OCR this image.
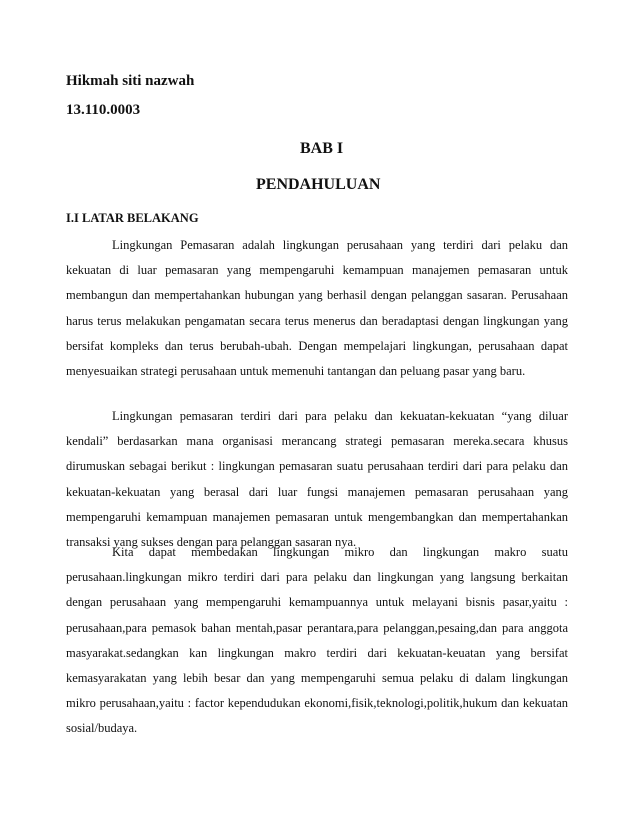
Hikmah siti nazwah

13.110.0003

BAB I

PENDAHULUAN

I.I LATAR BELAKANG

Lingkungan Pemasaran adalah lingkungan perusahaan yang terdiri dari pelaku dan kekuatan di luar pemasaran yang mempengaruhi kemampuan manajemen pemasaran untuk membangun dan mempertahankan hubungan yang berhasil dengan pelanggan sasaran. Perusahaan harus terus melakukan pengamatan secara terus menerus dan beradaptasi dengan lingkungan yang bersifat kompleks dan terus berubah-ubah. Dengan mempelajari lingkungan, perusahaan dapat menyesuaikan strategi perusahaan untuk memenuhi tantangan dan peluang pasar yang baru.

Lingkungan pemasaran terdiri dari para pelaku dan kekuatan-kekuatan “yang diluar kendali” berdasarkan mana organisasi merancang strategi pemasaran mereka.secara khusus dirumuskan sebagai berikut : lingkungan pemasaran suatu perusahaan terdiri dari para pelaku dan kekuatan-kekuatan yang berasal dari luar fungsi manajemen pemasaran perusahaan yang mempengaruhi kemampuan manajemen pemasaran untuk mengembangkan dan mempertahankan transaksi yang sukses dengan para pelanggan sasaran nya.

Kita dapat membedakan lingkungan mikro dan lingkungan makro suatu perusahaan.lingkungan mikro terdiri dari para pelaku dan lingkungan yang langsung berkaitan dengan perusahaan yang mempengaruhi kemampuannya untuk melayani bisnis pasar,yaitu : perusahaan,para pemasok bahan mentah,pasar perantara,para pelanggan,pesaing,dan para anggota masyarakat.sedangkan kan lingkungan makro terdiri dari kekuatan-keuatan yang bersifat kemasyarakatan yang lebih besar dan yang mempengaruhi semua pelaku di dalam lingkungan mikro perusahaan,yaitu : factor kependudukan ekonomi,fisik,teknologi,politik,hukum dan kekuatan sosial/budaya.
